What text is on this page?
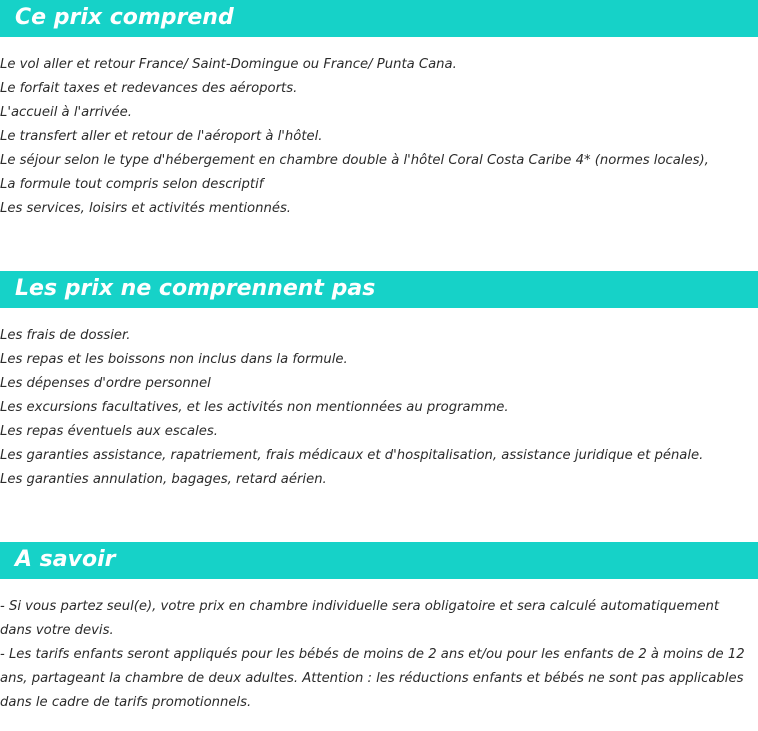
Ce prix comprend
Le vol aller et retour France/ Saint-Domingue ou France/ Punta Cana.
Le forfait taxes et redevances des aéroports.
L'accueil à l'arrivée.
Le transfert aller et retour de l'aéroport à l'hôtel.
Le séjour selon le type d'hébergement en chambre double à l'hôtel Coral Costa Caribe 4* (normes locales),
La formule tout compris selon descriptif
Les services, loisirs et activités mentionnés.
Les prix ne comprennent pas
Les frais de dossier.
Les repas et les boissons non inclus dans la formule.
Les dépenses d'ordre personnel
Les excursions facultatives, et les activités non mentionnées au programme.
Les repas éventuels aux escales.
Les garanties assistance, rapatriement, frais médicaux et d'hospitalisation, assistance juridique et pénale.
Les garanties annulation, bagages, retard aérien.
A savoir

- Si vous partez seul(e), votre prix en chambre individuelle sera obligatoire et sera calculé automatiquement dans votre devis.

- Les tarifs enfants seront appliqués pour les bébés de moins de 2 ans et/ou pour les enfants de 2 à moins de 12 ans, partageant la chambre de deux adultes. Attention : les réductions enfants et bébés ne sont pas applicables dans le cadre de tarifs promotionnels.
